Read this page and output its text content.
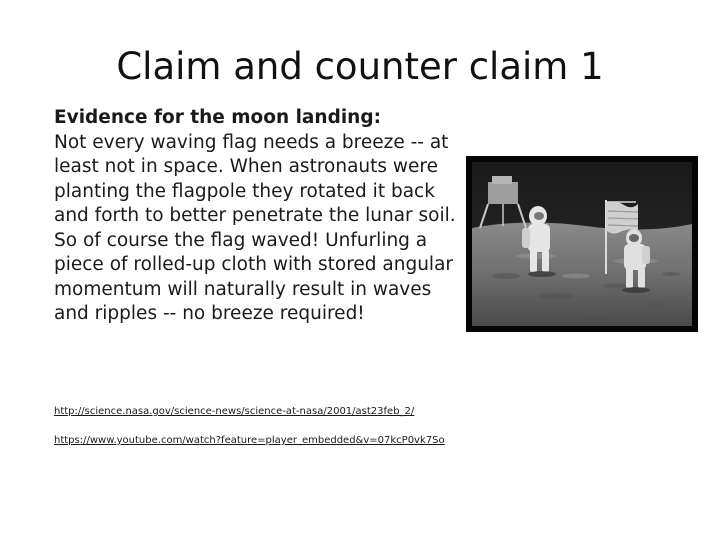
Claim and counter claim 1
Evidence for the moon landing:
Not every waving flag needs a breeze -- at least not in space. When astronauts were planting the flagpole they rotated it back and forth to better penetrate the lunar soil. So of course the flag waved! Unfurling a piece of rolled-up cloth with stored angular momentum will naturally result in waves and ripples -- no breeze required!
http://science.nasa.gov/science-news/science-at-nasa/2001/ast23feb_2/
https://www.youtube.com/watch?feature=player_embedded&v=07kcP0vk7So
